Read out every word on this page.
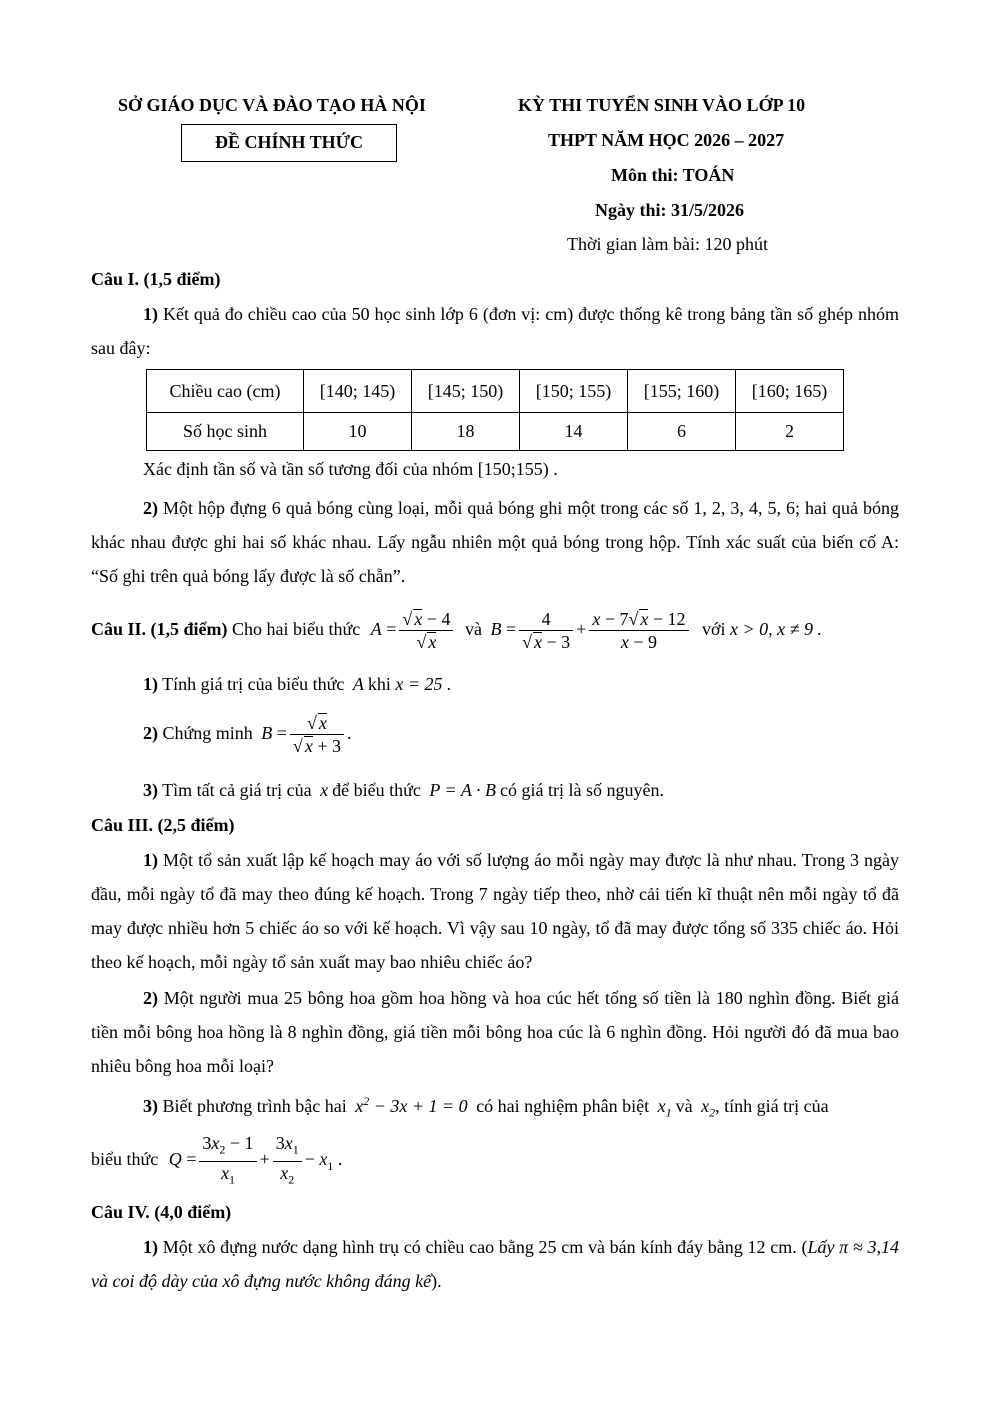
SỞ GIÁO DỤC VÀ ĐÀO TẠO HÀ NỘI
ĐỀ CHÍNH THỨC
KỲ THI TUYỂN SINH VÀO LỚP 10
THPT NĂM HỌC 2026 – 2027
Môn thi: TOÁN
Ngày thi: 31/5/2026
Thời gian làm bài: 120 phút
Câu I. (1,5 điểm)
1) Kết quả đo chiều cao của 50 học sinh lớp 6 (đơn vị: cm) được thống kê trong bảng tần số ghép nhóm sau đây:
Chiều cao (cm)	[140; 145)	[145; 150)	[150; 155)	[155; 160)	[160; 165)
Số học sinh	10	18	14	6	2
Xác định tần số và tần số tương đối của nhóm [150;155) .
2) Một hộp đựng 6 quả bóng cùng loại, mỗi quả bóng ghi một trong các số 1, 2, 3, 4, 5, 6; hai quả bóng khác nhau được ghi hai số khác nhau. Lấy ngẫu nhiên một quả bóng trong hộp. Tính xác suất của biến cố A: “Số ghi trên quả bóng lấy được là số chẵn”.
Câu II. (1,5 điểm) Cho hai biểu thức $A = \frac{√ x - 4}{√ x}$ và $B = \frac{4}{√ x - 3} + \frac{x - 7√ x - 12}{x - 9}$ với x > 0, x ≠ 9 .
1) Tính giá trị của biểu thức A khi x = 25 .
2) Chứng minh $B = \frac{√ x}{√ x + 3}$ .
3) Tìm tất cả giá trị của x để biểu thức P = A · B có giá trị là số nguyên.
Câu III. (2,5 điểm)
1) Một tổ sản xuất lập kế hoạch may áo với số lượng áo mỗi ngày may được là như nhau. Trong 3 ngày đầu, mỗi ngày tổ đã may theo đúng kế hoạch. Trong 7 ngày tiếp theo, nhờ cải tiến kĩ thuật nên mỗi ngày tổ đã may được nhiều hơn 5 chiếc áo so với kế hoạch. Vì vậy sau 10 ngày, tổ đã may được tổng số 335 chiếc áo. Hỏi theo kế hoạch, mỗi ngày tổ sản xuất may bao nhiêu chiếc áo?
2) Một người mua 25 bông hoa gồm hoa hồng và hoa cúc hết tổng số tiền là 180 nghìn đồng. Biết giá tiền mỗi bông hoa hồng là 8 nghìn đồng, giá tiền mỗi bông hoa cúc là 6 nghìn đồng. Hỏi người đó đã mua bao nhiêu bông hoa mỗi loại?
3) Biết phương trình bậc hai $x^2 - 3x + 1 = 0$ có hai nghiệm phân biệt $x_1$ và $x_2$, tính giá trị của
biểu thức $Q = \frac{3x_2 - 1}{x_1} + \frac{3x_1}{x_2} - x_1$ .
Câu IV. (4,0 điểm)
1) Một xô đựng nước dạng hình trụ có chiều cao bằng 25 cm và bán kính đáy bằng 12 cm. (Lấy π ≈ 3,14 và coi độ dày của xô đựng nước không đáng kể).
